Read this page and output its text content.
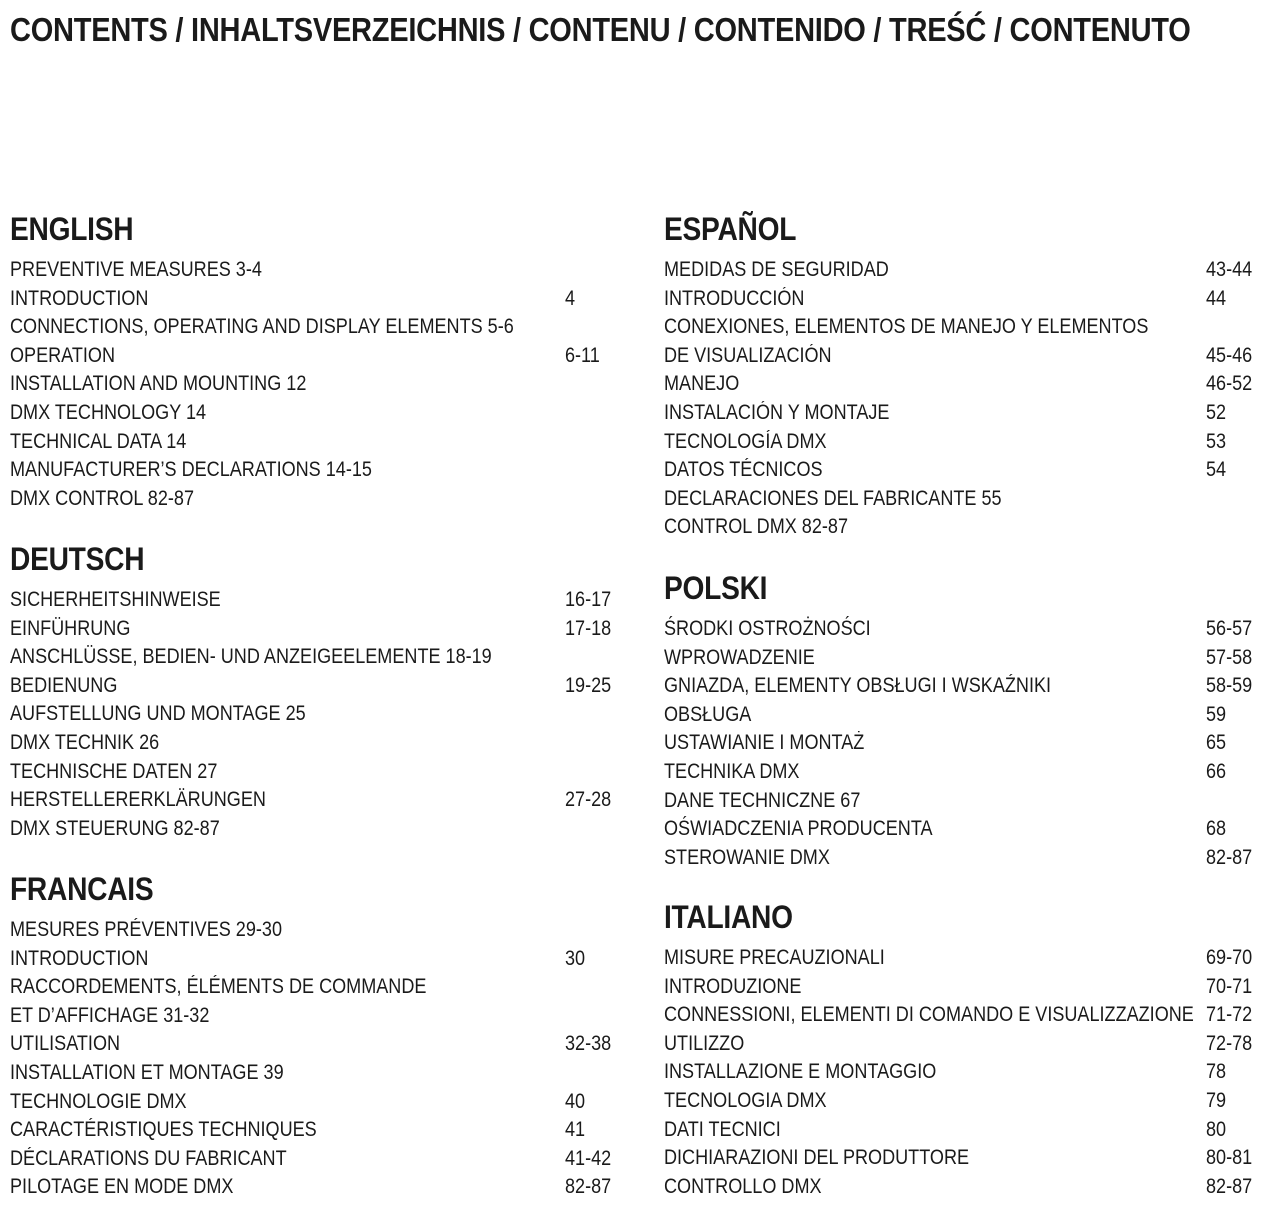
CONTENTS / INHALTSVERZEICHNIS / CONTENU / CONTENIDO / TREŚĆ / CONTENUTO
ENGLISH
PREVENTIVE MEASURES 3-4
INTRODUCTION	4
CONNECTIONS, OPERATING AND DISPLAY ELEMENTS 5-6
OPERATION	6-11
INSTALLATION AND MOUNTING 12
DMX TECHNOLOGY 14
TECHNICAL DATA 14
MANUFACTURER’S DECLARATIONS 14-15
DMX CONTROL 82-87
DEUTSCH
SICHERHEITSHINWEISE	16-17
EINFÜHRUNG	17-18
ANSCHLÜSSE, BEDIEN- UND ANZEIGEELEMENTE 18-19
BEDIENUNG	19-25
AUFSTELLUNG UND MONTAGE 25
DMX TECHNIK 26
TECHNISCHE DATEN 27
HERSTELLERERKLÄRUNGEN	27-28
DMX STEUERUNG 82-87
FRANCAIS
MESURES PRÉVENTIVES 29-30
INTRODUCTION	30
RACCORDEMENTS, ÉLÉMENTS DE COMMANDE
ET D’AFFICHAGE 31-32
UTILISATION	32-38
INSTALLATION ET MONTAGE 39
TECHNOLOGIE DMX	40
CARACTÉRISTIQUES TECHNIQUES	41
DÉCLARATIONS DU FABRICANT	41-42
PILOTAGE EN MODE DMX	82-87
ESPAÑOL
MEDIDAS DE SEGURIDAD	43-44
INTRODUCCIÓN	44
CONEXIONES, ELEMENTOS DE MANEJO Y ELEMENTOS
DE VISUALIZACIÓN	45-46
MANEJO	46-52
INSTALACIÓN Y MONTAJE	52
TECNOLOGÍA DMX	53
DATOS TÉCNICOS	54
DECLARACIONES DEL FABRICANTE 55
CONTROL DMX 82-87
POLSKI
ŚRODKI OSTROŻNOŚCI	56-57
WPROWADZENIE	57-58
GNIAZDA, ELEMENTY OBSŁUGI I WSKAŹNIKI	58-59
OBSŁUGA	59
USTAWIANIE I MONTAŻ	65
TECHNIKA DMX	66
DANE TECHNICZNE 67
OŚWIADCZENIA PRODUCENTA	68
STEROWANIE DMX	82-87
ITALIANO
MISURE PRECAUZIONALI	69-70
INTRODUZIONE	70-71
CONNESSIONI, ELEMENTI DI COMANDO E VISUALIZZAZIONE 71-72
UTILIZZO	72-78
INSTALLAZIONE E MONTAGGIO	78
TECNOLOGIA DMX	79
DATI TECNICI	80
DICHIARAZIONI DEL PRODUTTORE	80-81
CONTROLLO DMX	82-87
